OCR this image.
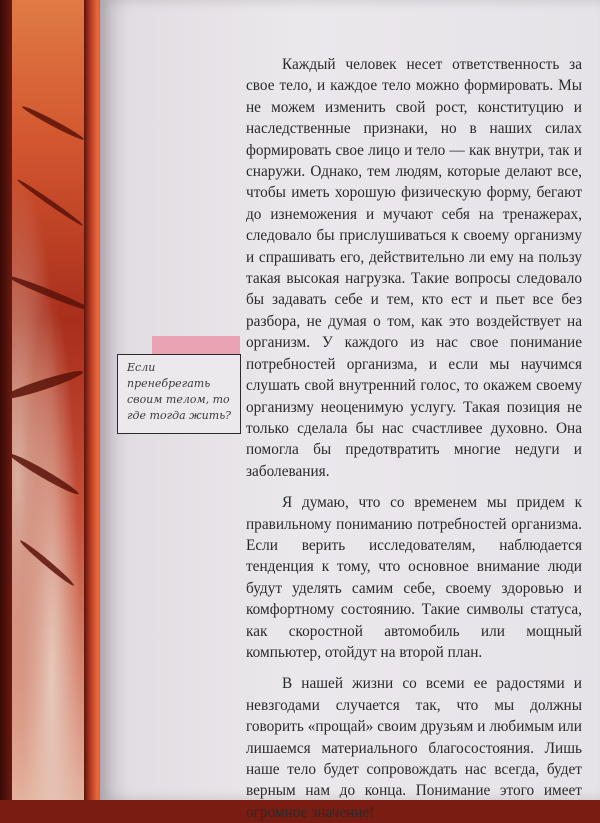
Если пренебрегать своим телом, то где тогда жить?

Каждый человек несет ответственность за свое тело, и каждое тело можно формировать. Мы не можем изменить свой рост, конституцию и наследственные признаки, но в наших силах формировать свое лицо и тело — как внутри, так и снаружи. Однако, тем людям, которые делают все, чтобы иметь хорошую физическую форму, бегают до изнеможения и мучают себя на тренажерах, следовало бы прислушиваться к своему организму и спрашивать его, действительно ли ему на пользу такая высокая нагрузка. Такие вопросы следовало бы задавать себе и тем, кто ест и пьет все без разбора, не думая о том, как это воздействует на организм. У каждого из нас свое понимание потребностей организма, и если мы научимся слушать свой внутренний голос, то окажем своему организму неоценимую услугу. Такая позиция не только сделала бы нас счастливее духовно. Она помогла бы предотвратить многие недуги и заболевания.

Я думаю, что со временем мы придем к правильному пониманию потребностей организма. Если верить исследователям, наблюдается тенденция к тому, что основное внимание люди будут уделять самим себе, своему здоровью и комфортному состоянию. Такие символы статуса, как скоростной автомобиль или мощный компьютер, отойдут на второй план.

В нашей жизни со всеми ее радостями и невзгодами случается так, что мы должны говорить «прощай» своим друзьям и любимым или лишаемся материального благосостояния. Лишь наше тело будет сопровождать нас всегда, будет верным нам до конца. Понимание этого имеет огромное значение!
